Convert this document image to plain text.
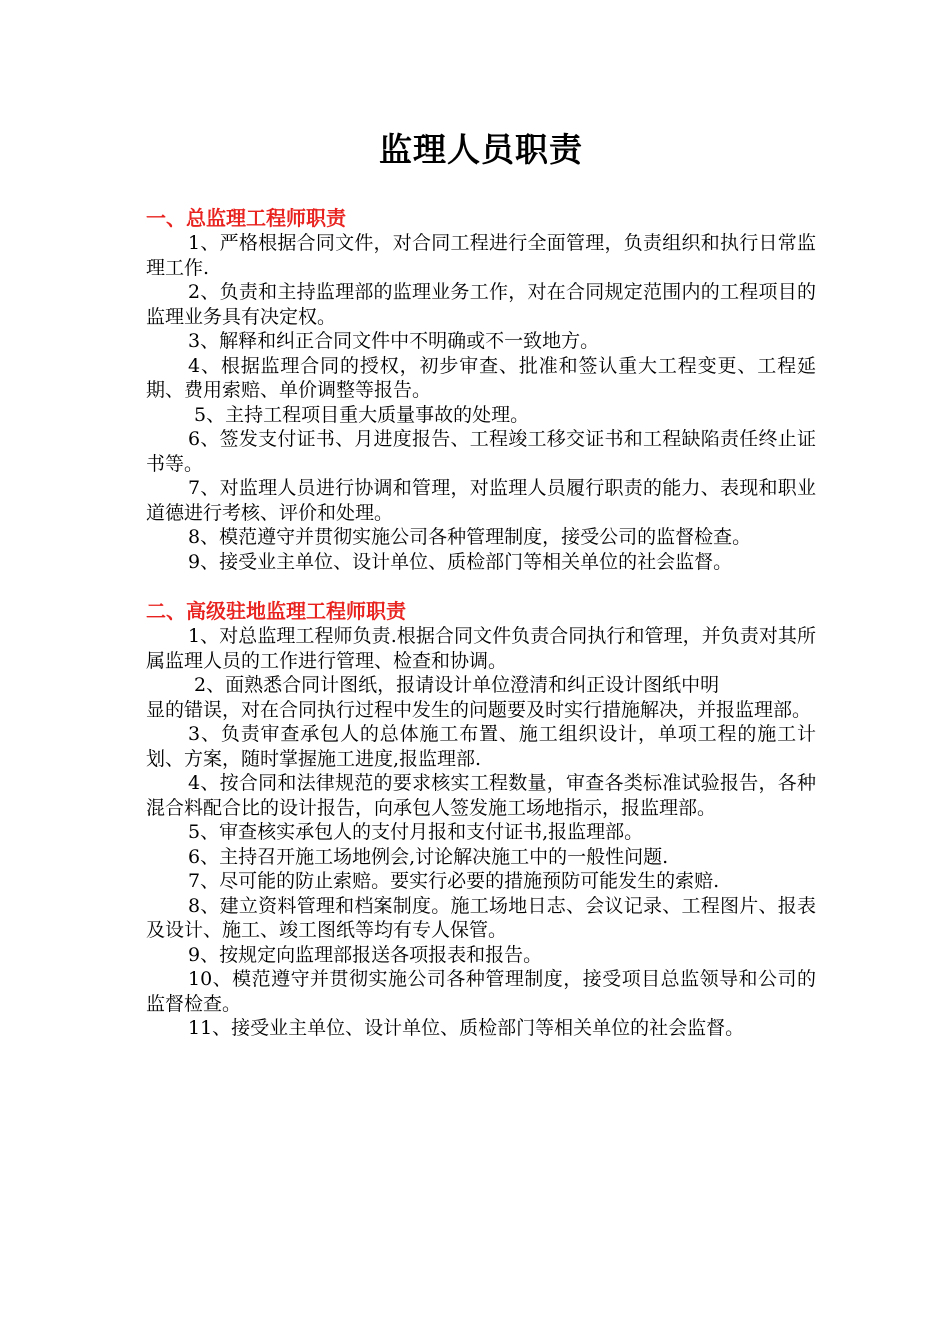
监理人员职责
一、总监理工程师职责

1、严格根据合同文件，对合同工程进行全面管理，负责组织和执行日常监理工作.

2、负责和主持监理部的监理业务工作，对在合同规定范围内的工程项目的监理业务具有决定权。

3、解释和纠正合同文件中不明确或不一致地方。

4、根据监理合同的授权，初步审查、批准和签认重大工程变更、工程延期、费用索赔、单价调整等报告。

5、主持工程项目重大质量事故的处理。

6、签发支付证书、月进度报告、工程竣工移交证书和工程缺陷责任终止证书等。

7、对监理人员进行协调和管理，对监理人员履行职责的能力、表现和职业道德进行考核、评价和处理。

8、模范遵守并贯彻实施公司各种管理制度，接受公司的监督检查。

9、接受业主单位、设计单位、质检部门等相关单位的社会监督。

二、高级驻地监理工程师职责

1、对总监理工程师负责.根据合同文件负责合同执行和管理，并负责对其所属监理人员的工作进行管理、检查和协调。

2、面熟悉合同计图纸，报请设计单位澄清和纠正设计图纸中明

显的错误，对在合同执行过程中发生的问题要及时实行措施解决，并报监理部。

3、负责审查承包人的总体施工布置、施工组织设计，单项工程的施工计划、方案，随时掌握施工进度,报监理部.

4、按合同和法律规范的要求核实工程数量，审查各类标准试验报告，各种混合料配合比的设计报告，向承包人签发施工场地指示，报监理部。

5、审查核实承包人的支付月报和支付证书,报监理部。

6、主持召开施工场地例会,讨论解决施工中的一般性问题.

7、尽可能的防止索赔。要实行必要的措施预防可能发生的索赔.

8、建立资料管理和档案制度。施工场地日志、会议记录、工程图片、报表及设计、施工、竣工图纸等均有专人保管。

9、按规定向监理部报送各项报表和报告。

10、模范遵守并贯彻实施公司各种管理制度，接受项目总监领导和公司的监督检查。

11、接受业主单位、设计单位、质检部门等相关单位的社会监督。
